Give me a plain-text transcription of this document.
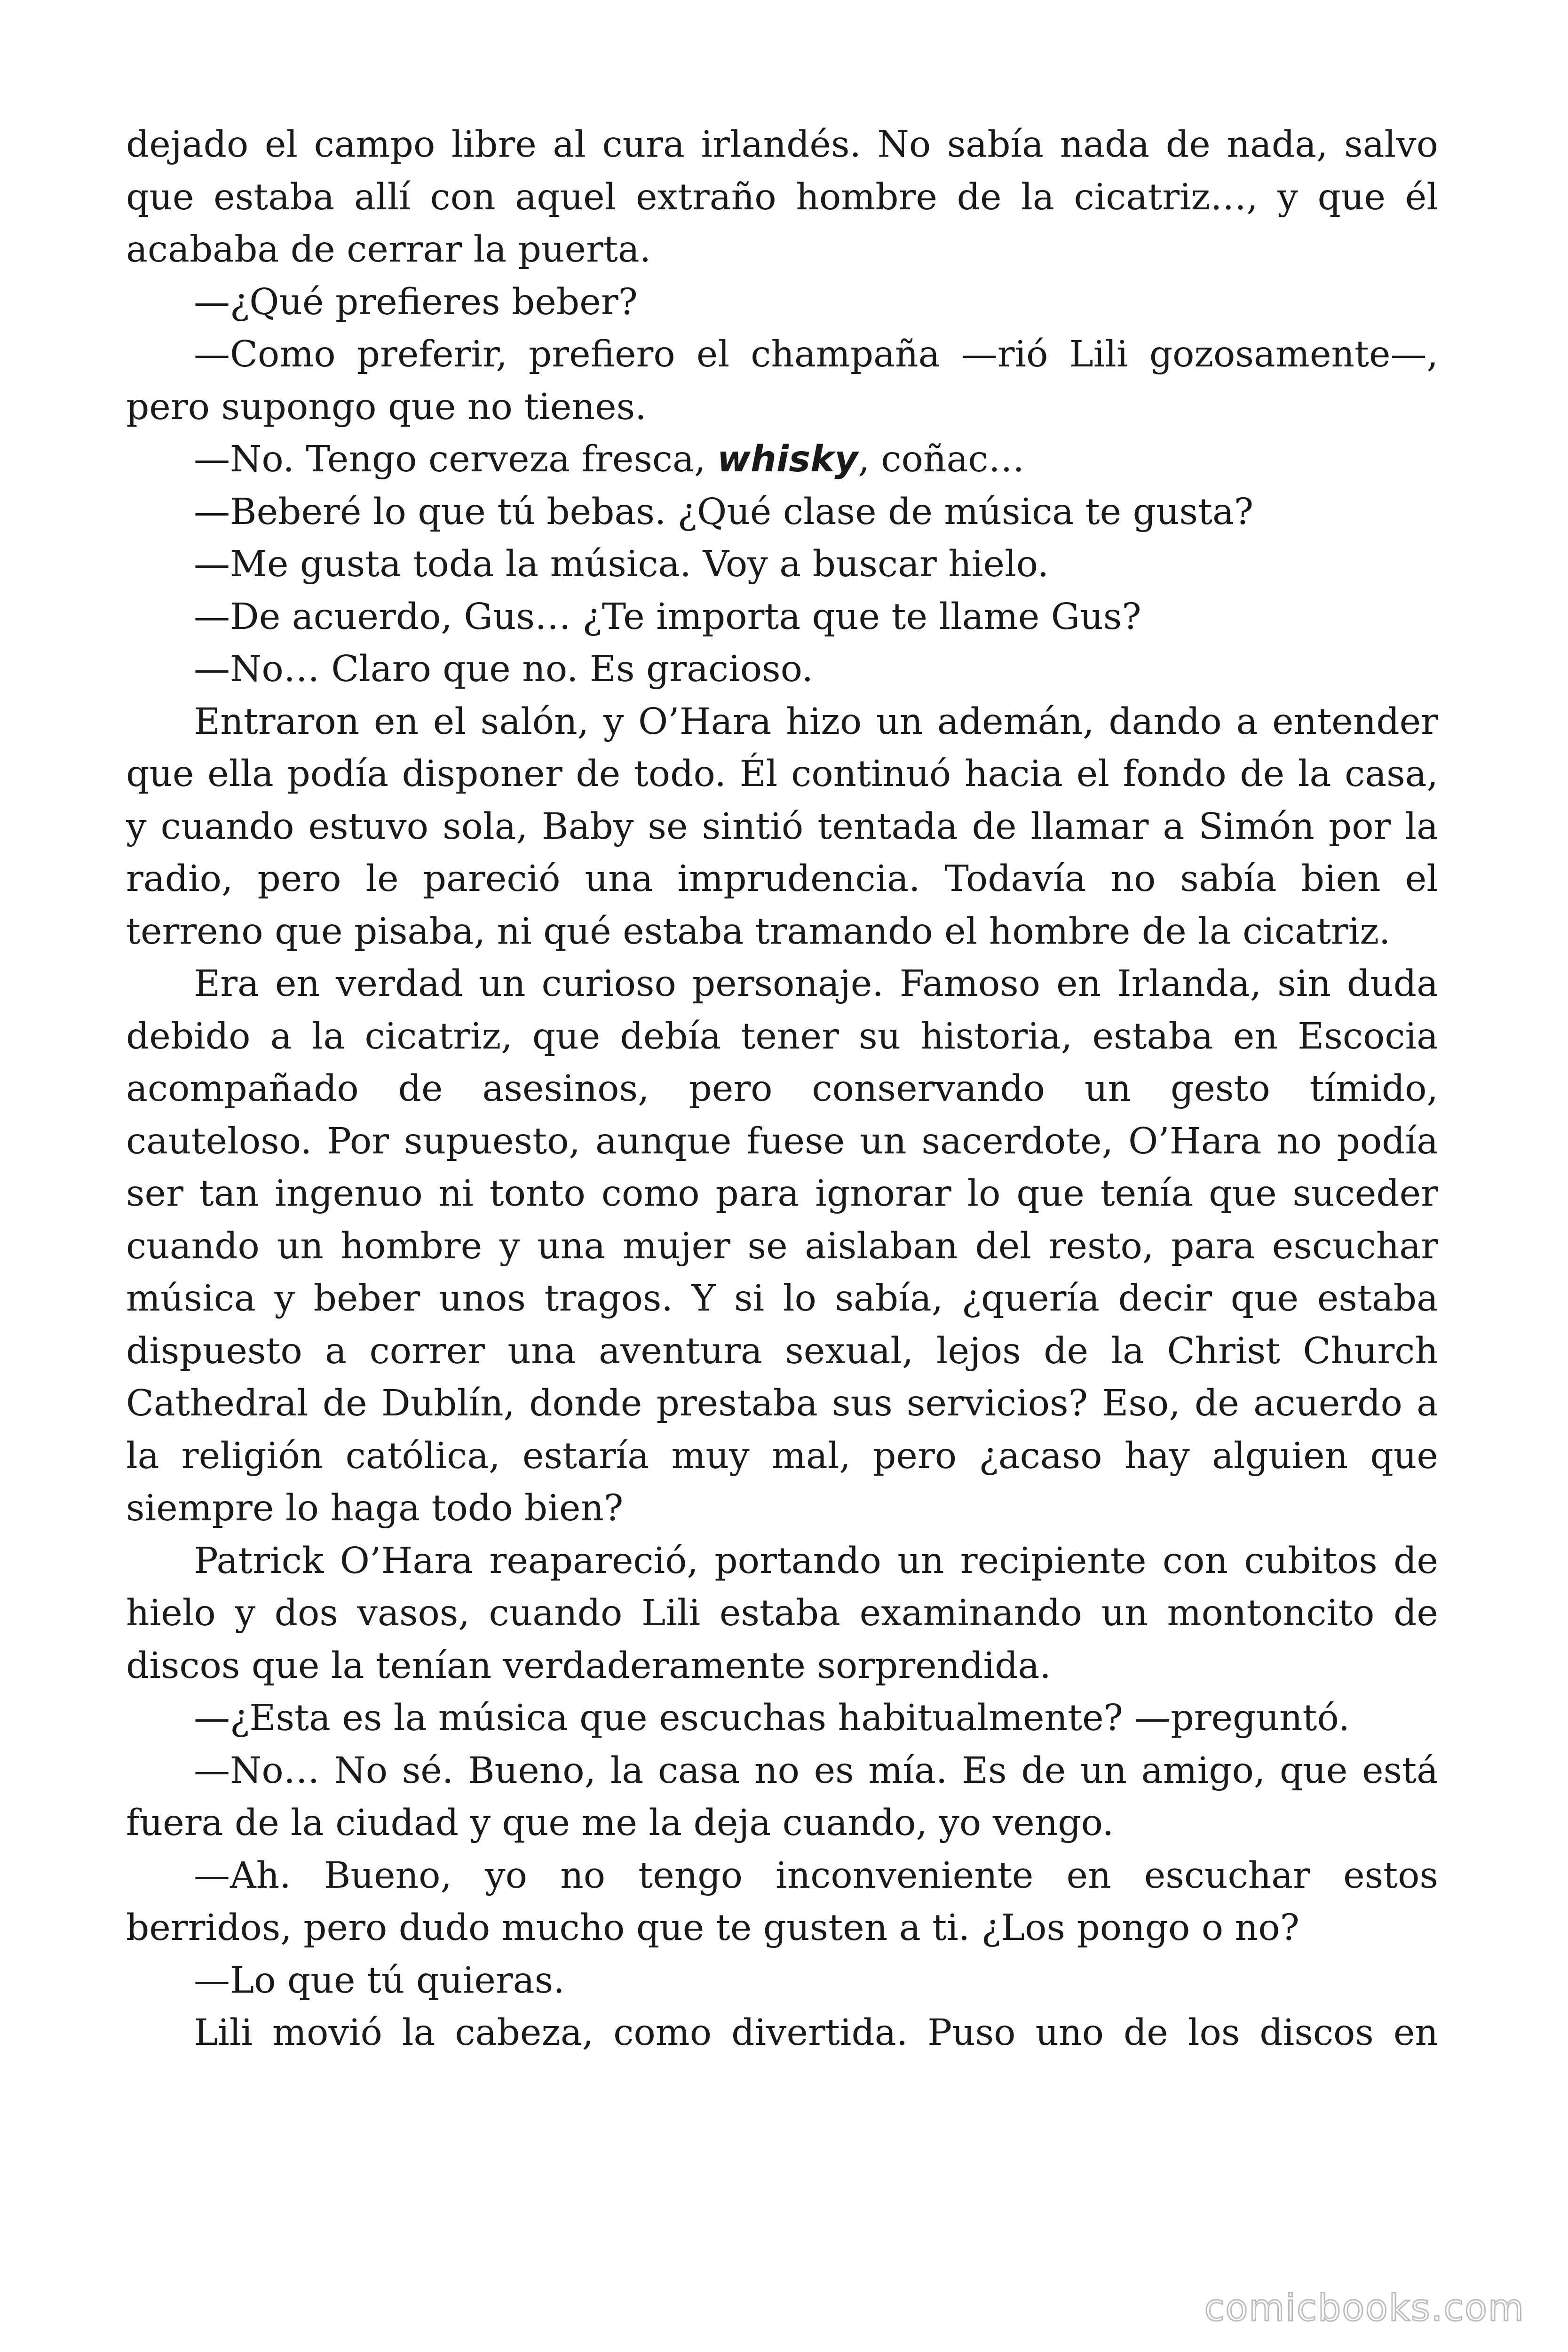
dejado el campo libre al cura irlandés. No sabía nada de nada, salvo que estaba allí con aquel extraño hombre de la cicatriz…, y que él acababa de cerrar la puerta.

—¿Qué prefieres beber?

—Como preferir, prefiero el champaña —rió Lili gozosamente—, pero supongo que no tienes.

—No. Tengo cerveza fresca, whisky, coñac…

—Beberé lo que tú bebas. ¿Qué clase de música te gusta?

—Me gusta toda la música. Voy a buscar hielo.

—De acuerdo, Gus… ¿Te importa que te llame Gus?

—No… Claro que no. Es gracioso.

Entraron en el salón, y O’Hara hizo un ademán, dando a entender que ella podía disponer de todo. Él continuó hacia el fondo de la casa, y cuando estuvo sola, Baby se sintió tentada de llamar a Simón por la radio, pero le pareció una imprudencia. Todavía no sabía bien el terreno que pisaba, ni qué estaba tramando el hombre de la cicatriz.

Era en verdad un curioso personaje. Famoso en Irlanda, sin duda debido a la cicatriz, que debía tener su historia, estaba en Escocia acompañado de asesinos, pero conservando un gesto tímido, cauteloso. Por supuesto, aunque fuese un sacerdote, O’Hara no podía ser tan ingenuo ni tonto como para ignorar lo que tenía que suceder cuando un hombre y una mujer se aislaban del resto, para escuchar música y beber unos tragos. Y si lo sabía, ¿quería decir que estaba dispuesto a correr una aventura sexual, lejos de la Christ Church Cathedral de Dublín, donde prestaba sus servicios? Eso, de acuerdo a la religión católica, estaría muy mal, pero ¿acaso hay alguien que siempre lo haga todo bien?

Patrick O’Hara reapareció, portando un recipiente con cubitos de hielo y dos vasos, cuando Lili estaba examinando un montoncito de discos que la tenían verdaderamente sorprendida.

—¿Esta es la música que escuchas habitualmente? —preguntó.

—No… No sé. Bueno, la casa no es mía. Es de un amigo, que está fuera de la ciudad y que me la deja cuando, yo vengo.

—Ah. Bueno, yo no tengo inconveniente en escuchar estos berridos, pero dudo mucho que te gusten a ti. ¿Los pongo o no?

—Lo que tú quieras.

Lili movió la cabeza, como divertida. Puso uno de los discos en

comicbooks.com
